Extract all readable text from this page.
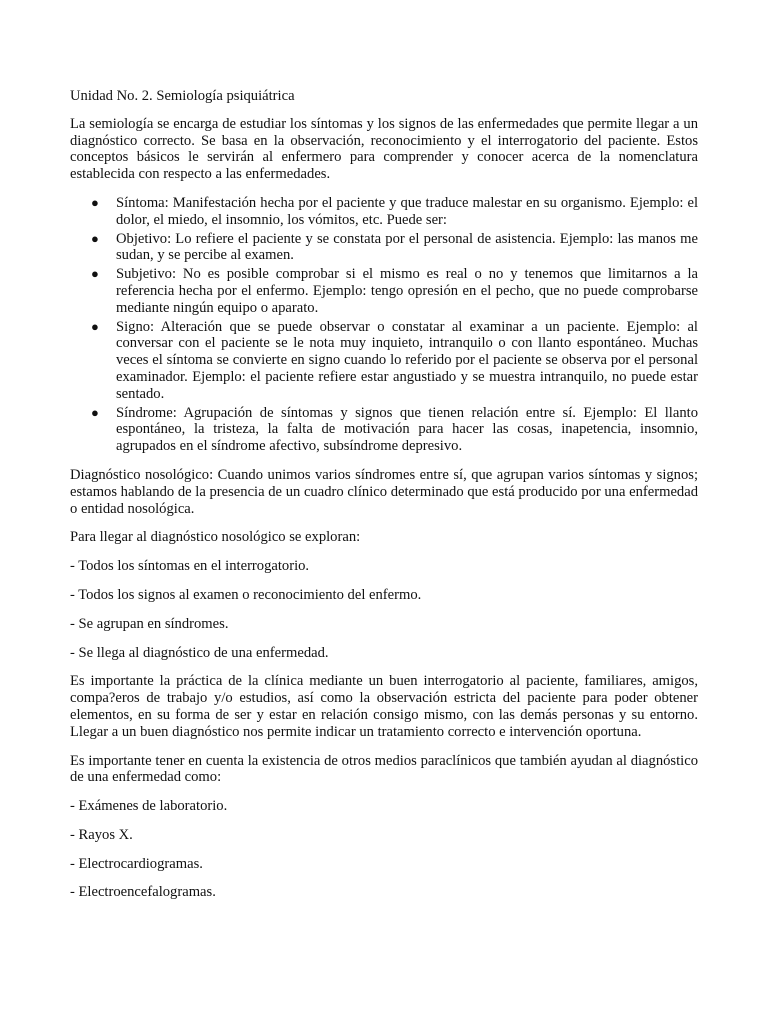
Unidad No. 2. Semiología psiquiátrica

La semiología se encarga de estudiar los síntomas y los signos de las enfermedades que permite llegar a un diagnóstico correcto. Se basa en la observación, reconocimiento y el interrogatorio del paciente. Estos conceptos básicos le servirán al enfermero para comprender y conocer acerca de la nomenclatura establecida con respecto a las enfermedades.

● Síntoma: Manifestación hecha por el paciente y que traduce malestar en su organismo. Ejemplo: el dolor, el miedo, el insomnio, los vómitos, etc. Puede ser:
● Objetivo: Lo refiere el paciente y se constata por el personal de asistencia. Ejemplo: las manos me sudan, y se percibe al examen.
● Subjetivo: No es posible comprobar si el mismo es real o no y tenemos que limitarnos a la referencia hecha por el enfermo. Ejemplo: tengo opresión en el pecho, que no puede comprobarse mediante ningún equipo o aparato.
● Signo: Alteración que se puede observar o constatar al examinar a un paciente. Ejemplo: al conversar con el paciente se le nota muy inquieto, intranquilo o con llanto espontáneo. Muchas veces el síntoma se convierte en signo cuando lo referido por el paciente se observa por el personal examinador. Ejemplo: el paciente refiere estar angustiado y se muestra intranquilo, no puede estar sentado.
● Síndrome: Agrupación de síntomas y signos que tienen relación entre sí. Ejemplo: El llanto espontáneo, la tristeza, la falta de motivación para hacer las cosas, inapetencia, insomnio, agrupados en el síndrome afectivo, subsíndrome depresivo.

Diagnóstico nosológico: Cuando unimos varios síndromes entre sí, que agrupan varios síntomas y signos; estamos hablando de la presencia de un cuadro clínico determinado que está producido por una enfermedad o entidad nosológica.

Para llegar al diagnóstico nosológico se exploran:

- Todos los síntomas en el interrogatorio.

- Todos los signos al examen o reconocimiento del enfermo.

- Se agrupan en síndromes.

- Se llega al diagnóstico de una enfermedad.

Es importante la práctica de la clínica mediante un buen interrogatorio al paciente, familiares, amigos, compa?eros de trabajo y/o estudios, así como la observación estricta del paciente para poder obtener elementos, en su forma de ser y estar en relación consigo mismo, con las demás personas y su entorno. Llegar a un buen diagnóstico nos permite indicar un tratamiento correcto e intervención oportuna.

Es importante tener en cuenta la existencia de otros medios paraclínicos que también ayudan al diagnóstico de una enfermedad como:

- Exámenes de laboratorio.

- Rayos X.

- Electrocardiogramas.

- Electroencefalogramas.
